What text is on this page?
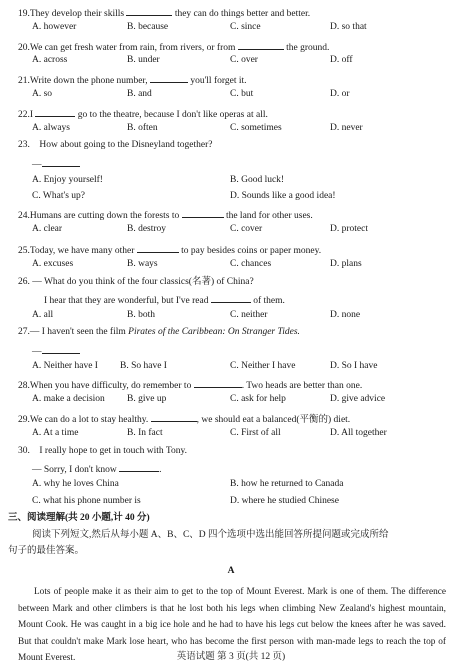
19.They develop their skills	they can do things better and better.
A. however	B. because	C. since	D. so that
20.We can get fresh water from rain, from rivers, or from	the ground.
A. across	B. under	C. over	D. off
21.Write down the phone number,	you'll forget it.
A. so	B. and	C. but	D. or
22.I	go to the theatre, because I don't like operas at all.
A. always	B. often	C. sometimes	D. never
23. How about going to the Disneyland together?
—
A. Enjoy yourself!	B. Good luck!
C. What's up?	D. Sounds like a good idea!
24.Humans are cutting down the forests to	the land for other uses.
A. clear	B. destroy	C. cover	D. protect
25.Today, we have many other	to pay besides coins or paper money.
A. excuses	B. ways	C. chances	D. plans
26. — What do you think of the four classics(名著) of China?
I hear that they are wonderful, but I've read	of them.
A. all	B. both	C. neither	D. none
27.— I haven't seen the film Pirates of the Caribbean: On Stranger Tides.
—
A. Neither have I B. So have I	C. Neither I have	D. So I have
28.When you have difficulty, do remember to	. Two heads are better than one.
A. make a decision B. give up	C. ask for help	D. give advice
29.We can do a lot to stay healthy.	, we should eat a balanced(平衡的) diet.
A. At a time	B. In fact	C. First of all	D. All together
30. I really hope to get in touch with Tony.
— Sorry, I don't know	.
A. why he loves China	B. how he returned to Canada
C. what his phone number is	D. where he studied Chinese
三、阅读理解(共 20 小题,计 40 分)
阅读下列短文,然后从每小题 A、B、C、D 四个选项中选出能回答所提问题或完成所给
句子的最佳答案。
A
Lots of people make it as their aim to get to the top of Mount Everest. Mark is one of them. The difference between Mark and other climbers is that he lost both his legs when climbing New Zealand's highest mountain, Mount Cook. He was caught in a big ice hole and he had to have his legs cut below the knees after he was saved. But that couldn't make Mark lose heart, who has become the first person with man-made legs to reach the top of Mount Everest.	英语试题 第 3 页(共 12 页)
